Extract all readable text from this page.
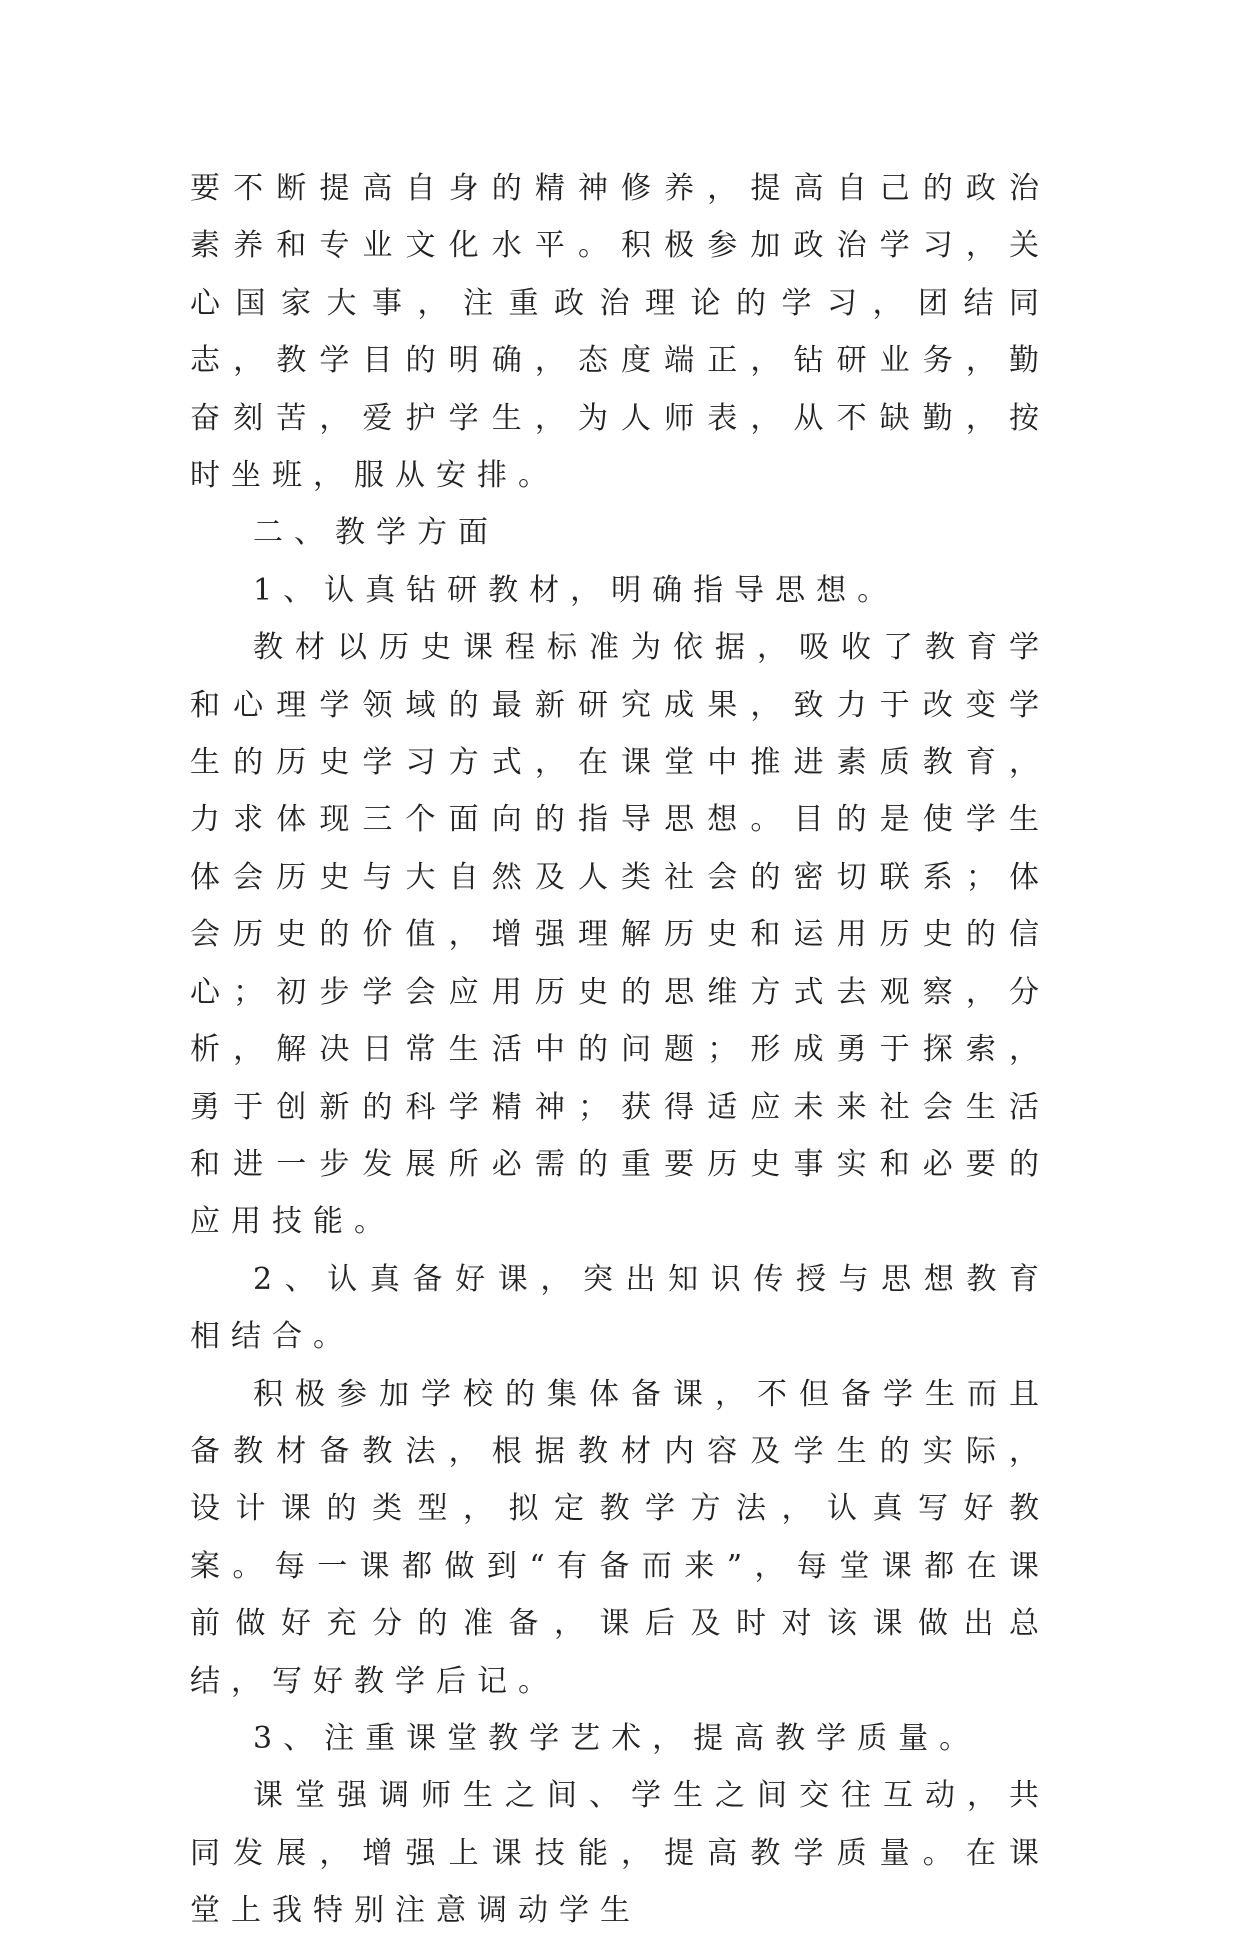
要不断提高自身的精神修养，提高自己的政治素养和专业文化水平。积极参加政治学习，关心国家大事，注重政治理论的学习，团结同志，教学目的明确，态度端正，钻研业务，勤奋刻苦，爱护学生，为人师表，从不缺勤，按时坐班，服从安排。

二、教学方面

1、认真钻研教材，明确指导思想。

教材以历史课程标准为依据，吸收了教育学和心理学领域的最新研究成果，致力于改变学生的历史学习方式，在课堂中推进素质教育，力求体现三个面向的指导思想。目的是使学生体会历史与大自然及人类社会的密切联系；体会历史的价值，增强理解历史和运用历史的信心；初步学会应用历史的思维方式去观察，分析，解决日常生活中的问题；形成勇于探索，勇于创新的科学精神；获得适应未来社会生活和进一步发展所必需的重要历史事实和必要的应用技能。

2、认真备好课，突出知识传授与思想教育相结合。

积极参加学校的集体备课，不但备学生而且备教材备教法，根据教材内容及学生的实际，设计课的类型，拟定教学方法，认真写好教案。每一课都做到“有备而来”，每堂课都在课前做好充分的准备，课后及时对该课做出总结，写好教学后记。

3、注重课堂教学艺术，提高教学质量。

课堂强调师生之间、学生之间交往互动，共同发展，增强上课技能，提高教学质量。在课堂上我特别注意调动学生
